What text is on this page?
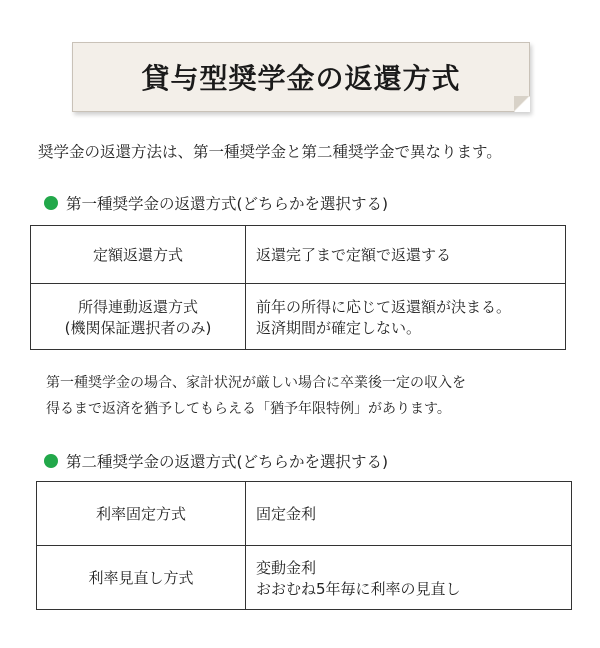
貸与型奨学金の返還方式
奨学金の返還方法は、第一種奨学金と第二種奨学金で異なります。
第一種奨学金の返還方式(どちらかを選択する)
定額返還方式	返還完了まで定額で返還する

所得連動返還方式
(機関保証選択者のみ)	前年の所得に応じて返還額が決まる。
返済期間が確定しない。
第一種奨学金の場合、家計状況が厳しい場合に卒業後一定の収入を
得るまで返済を猶予してもらえる「猶予年限特例」があります。
第二種奨学金の返還方式(どちらかを選択する)
利率固定方式	固定金利

利率見直し方式	変動金利
おおむね5年毎に利率の見直し
